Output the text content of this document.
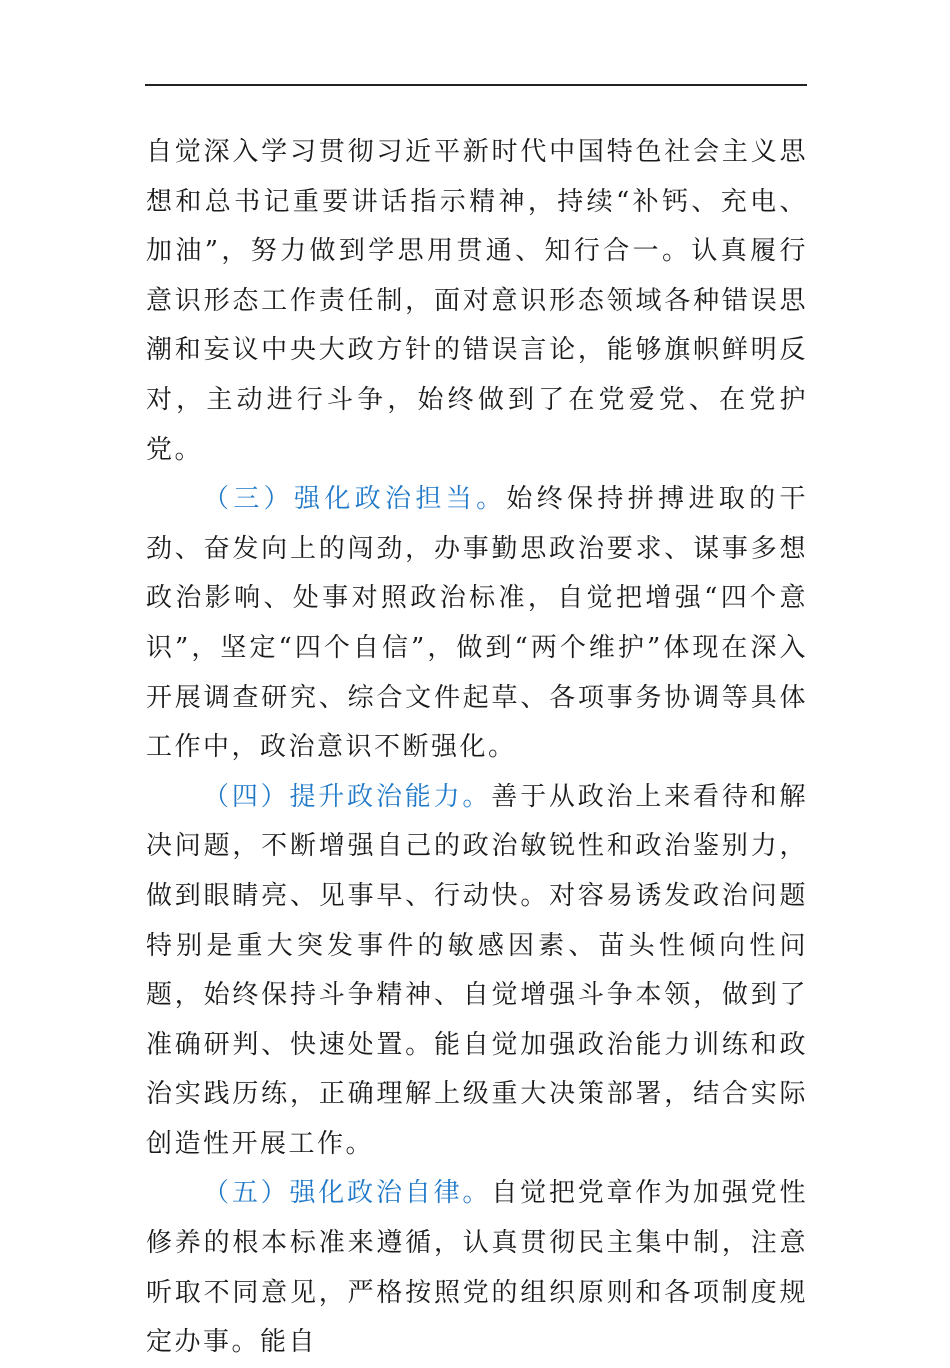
自觉深入学习贯彻习近平新时代中国特色社会主义思想和总书记重要讲话指示精神，持续“补钙、充电、加油”，努力做到学思用贯通、知行合一。认真履行意识形态工作责任制，面对意识形态领域各种错误思潮和妄议中央大政方针的错误言论，能够旗帜鲜明反对，主动进行斗争，始终做到了在党爱党、在党护党。

（三）强化政治担当。始终保持拼搏进取的干劲、奋发向上的闯劲，办事勤思政治要求、谋事多想政治影响、处事对照政治标准，自觉把增强“四个意识”，坚定“四个自信”，做到“两个维护”体现在深入开展调查研究、综合文件起草、各项事务协调等具体工作中，政治意识不断强化。

（四）提升政治能力。善于从政治上来看待和解决问题，不断增强自己的政治敏锐性和政治鉴别力，做到眼睛亮、见事早、行动快。对容易诱发政治问题特别是重大突发事件的敏感因素、苗头性倾向性问题，始终保持斗争精神、自觉增强斗争本领，做到了准确研判、快速处置。能自觉加强政治能力训练和政治实践历练，正确理解上级重大决策部署，结合实际创造性开展工作。

（五）强化政治自律。自觉把党章作为加强党性修养的根本标准来遵循，认真贯彻民主集中制，注意听取不同意见，严格按照党的组织原则和各项制度规定办事。能自
